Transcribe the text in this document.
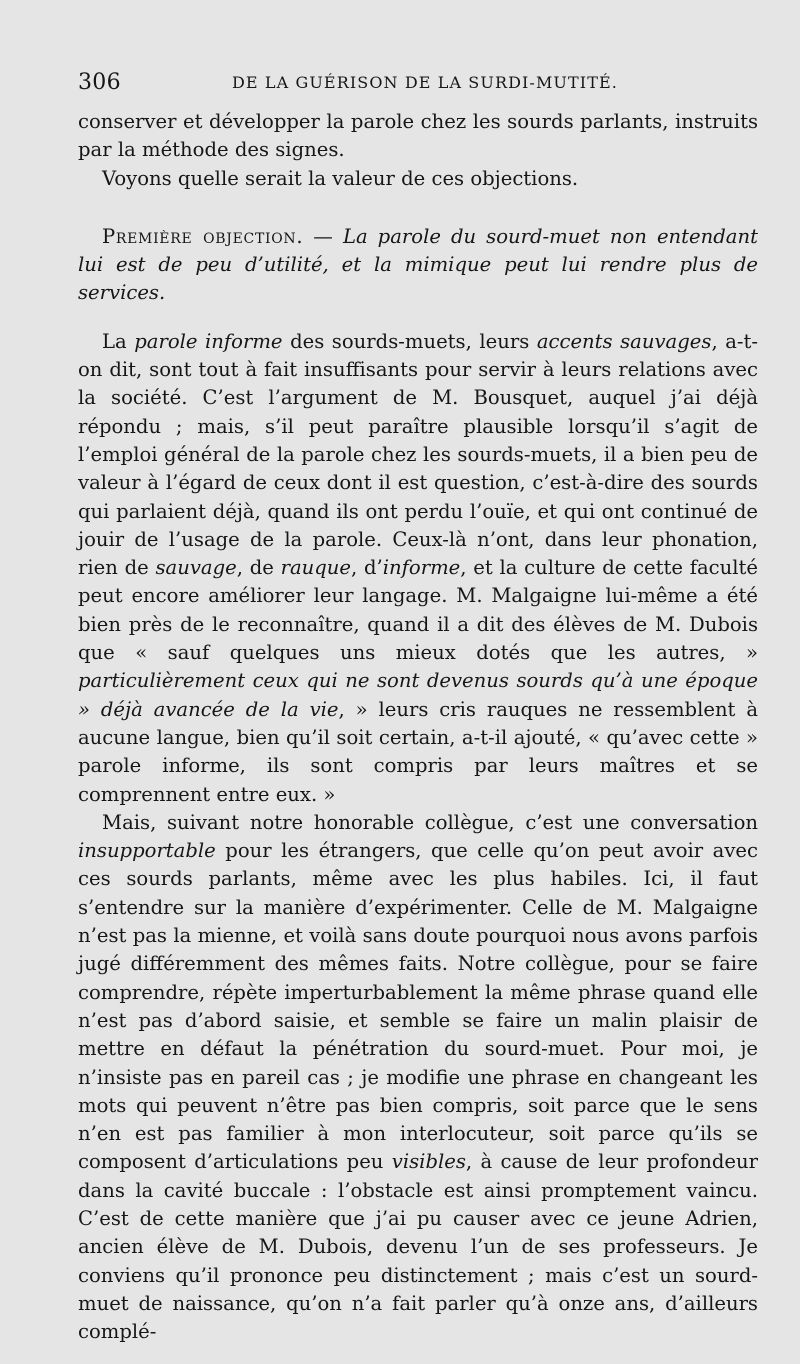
306	DE LA GUÉRISON DE LA SURDI-MUTITÉ.

conserver et développer la parole chez les sourds parlants, instruits par la méthode des signes.

Voyons quelle serait la valeur de ces objections.

Première objection. — La parole du sourd-muet non entendant lui est de peu d’utilité, et la mimique peut lui rendre plus de services.

La parole informe des sourds-muets, leurs accents sauvages, a-t-on dit, sont tout à fait insuffisants pour servir à leurs relations avec la société. C’est l’argument de M. Bousquet, auquel j’ai déjà répondu ; mais, s’il peut paraître plausible lorsqu’il s’agit de l’emploi général de la parole chez les sourds-muets, il a bien peu de valeur à l’égard de ceux dont il est question, c’est-à-dire des sourds qui parlaient déjà, quand ils ont perdu l’ouïe, et qui ont continué de jouir de l’usage de la parole. Ceux-là n’ont, dans leur phonation, rien de sauvage, de rauque, d’informe, et la culture de cette faculté peut encore améliorer leur langage. M. Malgaigne lui-même a été bien près de le reconnaître, quand il a dit des élèves de M. Dubois que « sauf quelques uns mieux dotés que les autres, » particulièrement ceux qui ne sont devenus sourds qu’à une époque » déjà avancée de la vie, » leurs cris rauques ne ressemblent à aucune langue, bien qu’il soit certain, a-t-il ajouté, « qu’avec cette » parole informe, ils sont compris par leurs maîtres et se comprennent entre eux. »

Mais, suivant notre honorable collègue, c’est une conversation insupportable pour les étrangers, que celle qu’on peut avoir avec ces sourds parlants, même avec les plus habiles. Ici, il faut s’entendre sur la manière d’expérimenter. Celle de M. Malgaigne n’est pas la mienne, et voilà sans doute pourquoi nous avons parfois jugé différemment des mêmes faits. Notre collègue, pour se faire comprendre, répète imperturbablement la même phrase quand elle n’est pas d’abord saisie, et semble se faire un malin plaisir de mettre en défaut la pénétration du sourd-muet. Pour moi, je n’insiste pas en pareil cas ; je modifie une phrase en changeant les mots qui peuvent n’être pas bien compris, soit parce que le sens n’en est pas familier à mon interlocuteur, soit parce qu’ils se composent d’articulations peu visibles, à cause de leur profondeur dans la cavité buccale : l’obstacle est ainsi promptement vaincu. C’est de cette manière que j’ai pu causer avec ce jeune Adrien, ancien élève de M. Dubois, devenu l’un de ses professeurs. Je conviens qu’il prononce peu distinctement ; mais c’est un sourd-muet de naissance, qu’on n’a fait parler qu’à onze ans, d’ailleurs complé-
